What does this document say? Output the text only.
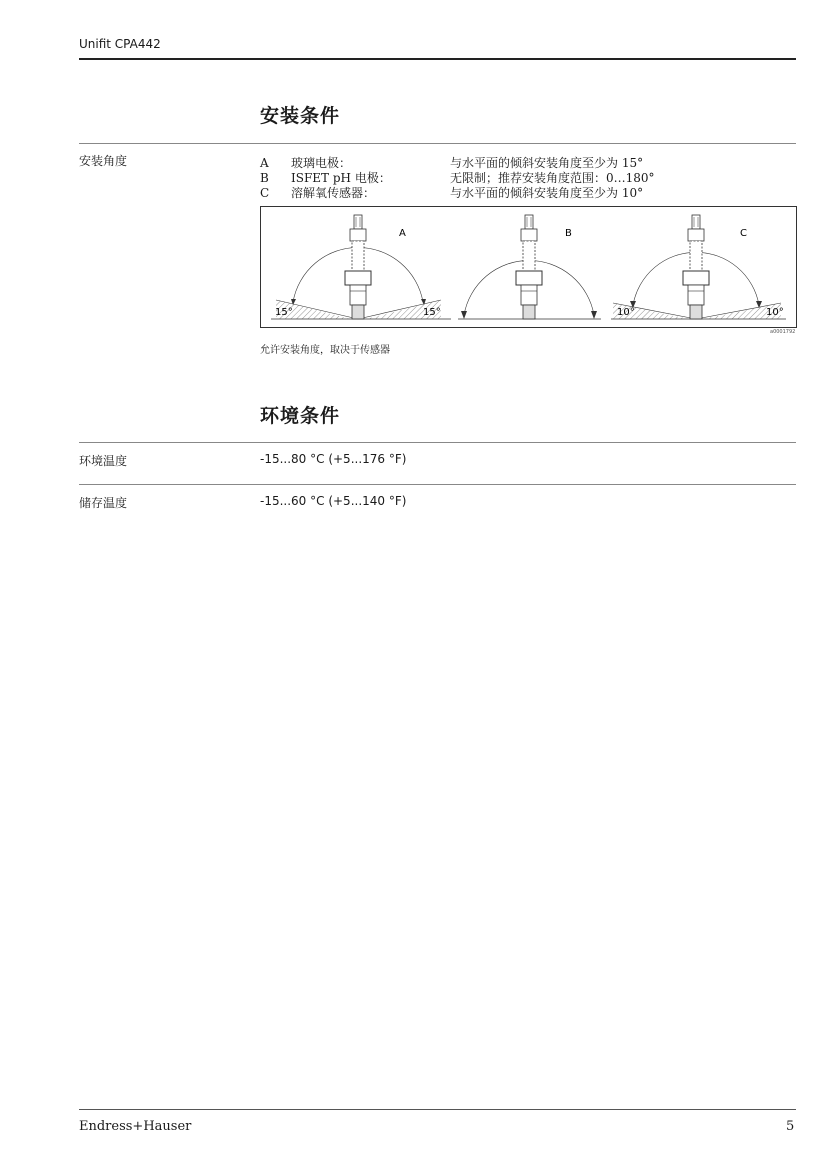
Unifit CPA442
安装条件
安装角度	A 玻璃电极：	与水平面的倾斜安装角度至少为 15°
B ISFET pH 电极：	无限制；推荐安装角度范围：0…180°
C 溶解氧传感器：	与水平面的倾斜安装角度至少为 10°
A	B	C
15°	15°	10°	10°
a0001792
允许安装角度，取决于传感器
环境条件
环境温度	-15...80 °C (+5...176 °F)
储存温度	-15...60 °C (+5...140 °F)
Endress+Hauser	5
